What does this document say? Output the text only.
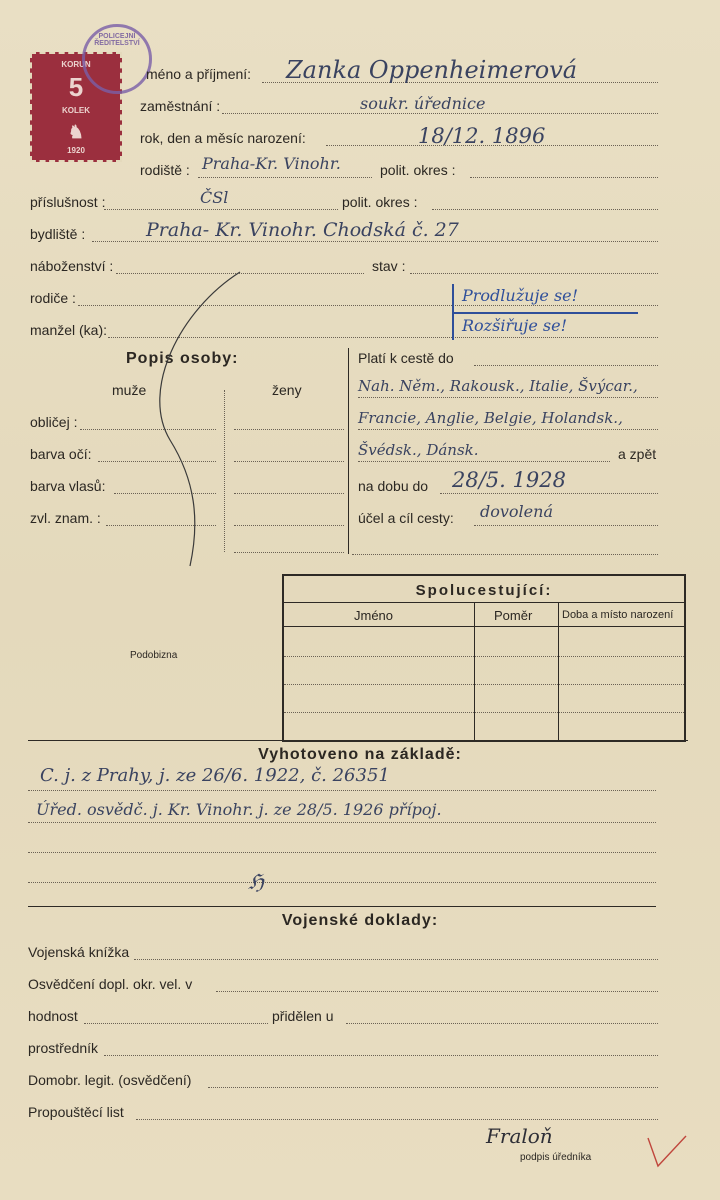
KORUN
5
KOLEK
♞
1920
POLICEJNÍ ŘEDITELSTVÍ
méno a příjmení: Zanka Oppenheimerová
zaměstnání :	soukr. úřednice
rok, den a měsíc narození:	18/12. 1896
rodiště : Praha-Kr. Vinohr.	polit. okres :
příslušnost :	ČSl	polit. okres :
bydliště :	Praha- Kr. Vinohr. Chodská č. 27
náboženství :	stav :
rodiče :
manžel (ka):
Prodlužuje se!
Rozšiřuje se!
Popis osoby:
muže	ženy
obličej :
barva očí:
barva vlasů:
zvl. znam. :
Platí k cestě do
Nah. Něm., Rakousk., Italie, Švýcar.,
Francie, Anglie, Belgie, Holandsk.,
Švédsk., Dánsk.	a zpět
na dobu do 28/5. 1928
účel a cíl cesty: dovolená
Podobizna
Spolucestující:
Jméno	Poměr	Doba a místo narození
Vyhotoveno na základě:
C. j. z Prahy, j. ze 26/6. 1922, č. 26351
Úřed. osvědč. j. Kr. Vinohr. j. ze 28/5. 1926 přípoj.
ℌ
Vojenské doklady:
Vojenská knížka
Osvědčení dopl. okr. vel. v
hodnost	přidělen u
prostředník
Domobr. legit. (osvědčení)
Propouštěcí list
Fraloň
podpis úředníka
